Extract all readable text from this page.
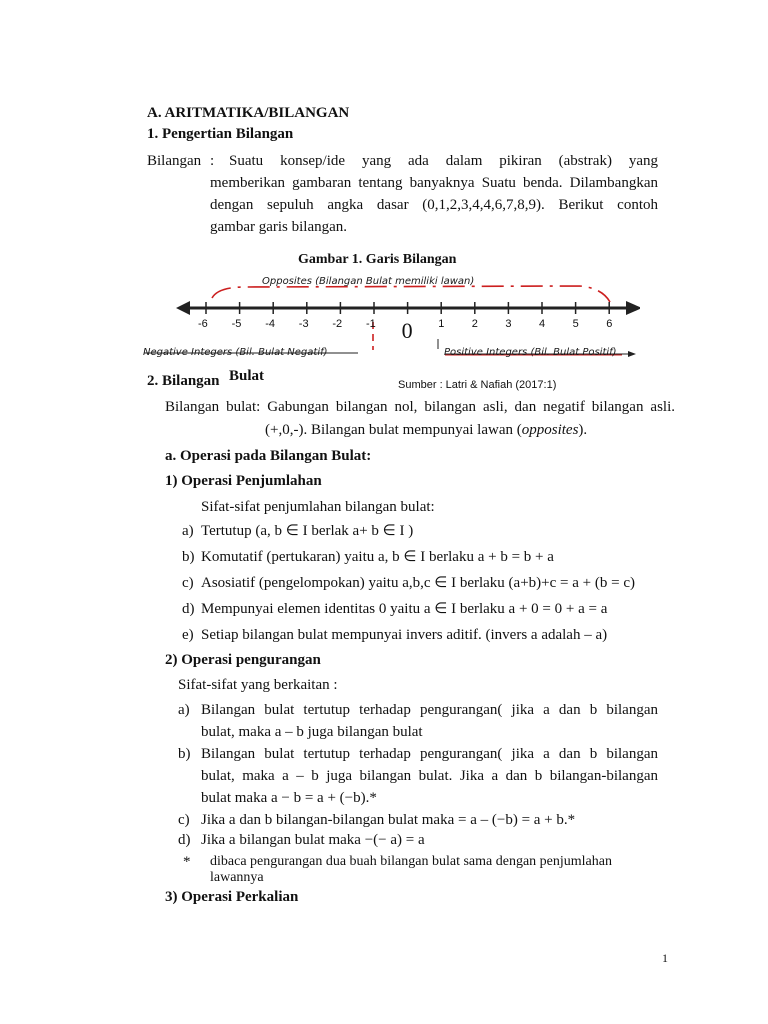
A. ARITMATIKA/BILANGAN
1. Pengertian Bilangan
Bilangan : Suatu konsep/ide yang ada dalam pikiran (abstrak) yang
memberikan gambaran tentang banyaknya Suatu benda. Dilambangkan
dengan sepuluh angka dasar (0,1,2,3,4,4,6,7,8,9). Berikut contoh
gambar garis bilangan.
Gambar 1. Garis Bilangan
Opposites (Bilangan Bulat memiliki lawan)
Negative Integers (Bil. Bulat Negatif)	Positive Integers (Bil. Bulat Positif)
-6 -5 -4 -3 -2 -1 0 1 2 3 4 5 6
2. Bilangan Bulat
Sumber : Latri & Nafiah (2017:1)
Bilangan bulat: Gabungan bilangan nol, bilangan asli, dan negatif bilangan asli.
(+,0,-). Bilangan bulat mempunyai lawan (opposites).
a. Operasi pada Bilangan Bulat:
1) Operasi Penjumlahan
Sifat-sifat penjumlahan bilangan bulat:
a) Tertutup (a, b ∈ I berlak a+ b ∈ I )
b) Komutatif (pertukaran) yaitu a, b ∈ I berlaku a + b = b + a
c) Asosiatif (pengelompokan) yaitu a,b,c ∈ I berlaku (a+b)+c = a + (b = c)
d) Mempunyai elemen identitas 0 yaitu a ∈ I berlaku a + 0 = 0 + a = a
e) Setiap bilangan bulat mempunyai invers aditif. (invers a adalah – a)
2) Operasi pengurangan
Sifat-sifat yang berkaitan :
a) Bilangan bulat tertutup terhadap pengurangan( jika a dan b bilangan
bulat, maka a – b juga bilangan bulat
b) Bilangan bulat tertutup terhadap pengurangan( jika a dan b bilangan
bulat, maka a – b juga bilangan bulat. Jika a dan b bilangan-bilangan
bulat maka a − b = a + (−b).*
c) Jika a dan b bilangan-bilangan bulat maka = a – (−b) = a + b.*
d) Jika a bilangan bulat maka −(− a) = a
* dibaca pengurangan dua buah bilangan bulat sama dengan penjumlahan
lawannya
3) Operasi Perkalian
1
